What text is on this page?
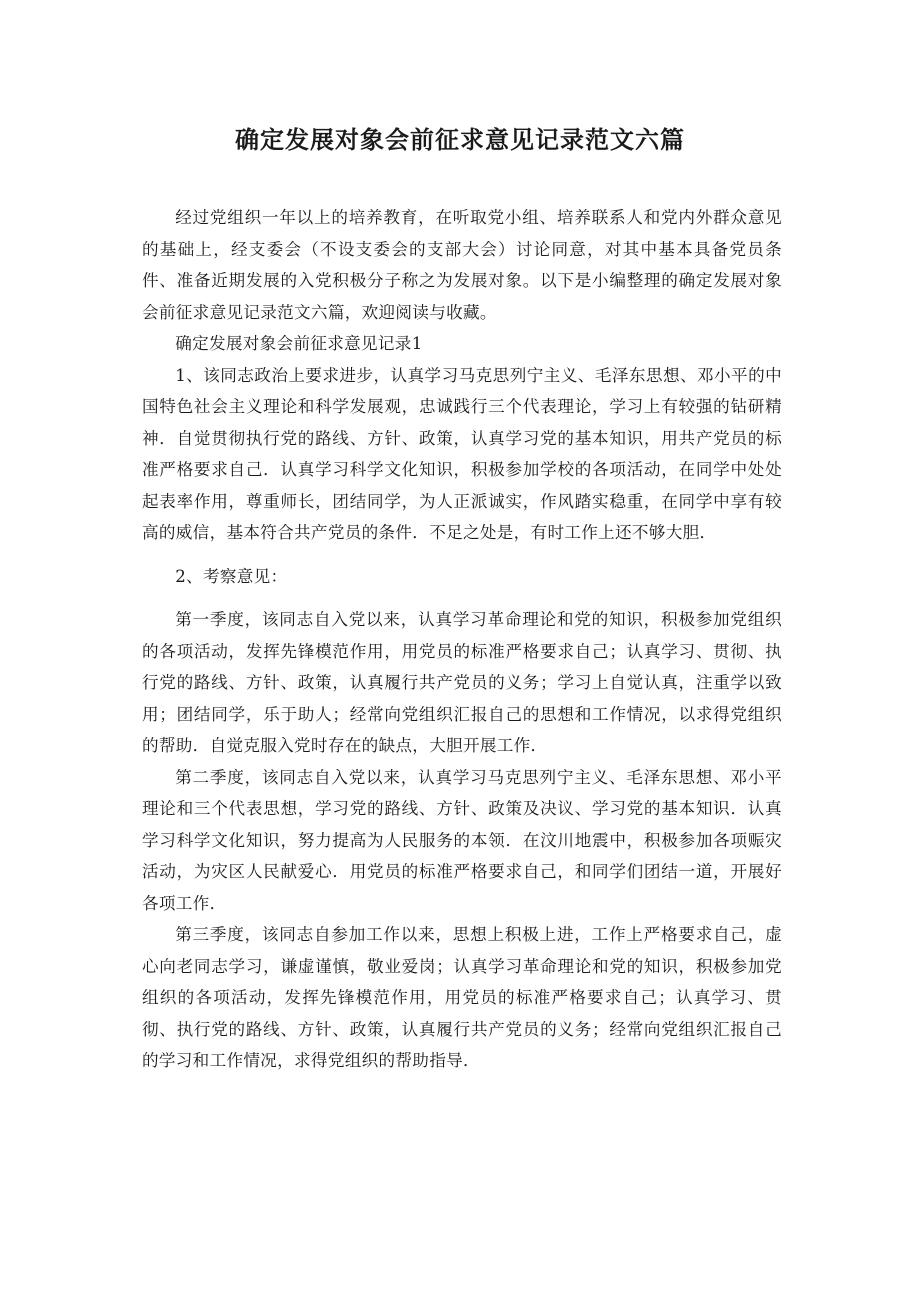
确定发展对象会前征求意见记录范文六篇

经过党组织一年以上的培养教育，在听取党小组、培养联系人和党内外群众意见的基础上，经支委会（不设支委会的支部大会）讨论同意，对其中基本具备党员条件、准备近期发展的入党积极分子称之为发展对象。以下是小编整理的确定发展对象会前征求意见记录范文六篇，欢迎阅读与收藏。

确定发展对象会前征求意见记录1

1、该同志政治上要求进步，认真学习马克思列宁主义、毛泽东思想、邓小平的中国特色社会主义理论和科学发展观，忠诚践行三个代表理论，学习上有较强的钻研精神．自觉贯彻执行党的路线、方针、政策，认真学习党的基本知识，用共产党员的标准严格要求自己．认真学习科学文化知识，积极参加学校的各项活动，在同学中处处起表率作用，尊重师长，团结同学，为人正派诚实，作风踏实稳重，在同学中享有较高的威信，基本符合共产党员的条件．不足之处是，有时工作上还不够大胆．

2、考察意见：

第一季度，该同志自入党以来，认真学习革命理论和党的知识，积极参加党组织的各项活动，发挥先锋模范作用，用党员的标准严格要求自己；认真学习、贯彻、执行党的路线、方针、政策，认真履行共产党员的义务；学习上自觉认真，注重学以致用；团结同学，乐于助人；经常向党组织汇报自己的思想和工作情况，以求得党组织的帮助．自觉克服入党时存在的缺点，大胆开展工作．

第二季度，该同志自入党以来，认真学习马克思列宁主义、毛泽东思想、邓小平理论和三个代表思想，学习党的路线、方针、政策及决议、学习党的基本知识．认真学习科学文化知识，努力提高为人民服务的本领．在汶川地震中，积极参加各项赈灾活动，为灾区人民献爱心．用党员的标准严格要求自己，和同学们团结一道，开展好各项工作．

第三季度，该同志自参加工作以来，思想上积极上进，工作上严格要求自己，虚心向老同志学习，谦虚谨慎，敬业爱岗；认真学习革命理论和党的知识，积极参加党组织的各项活动，发挥先锋模范作用，用党员的标准严格要求自己；认真学习、贯彻、执行党的路线、方针、政策，认真履行共产党员的义务；经常向党组织汇报自己的学习和工作情况，求得党组织的帮助指导．
